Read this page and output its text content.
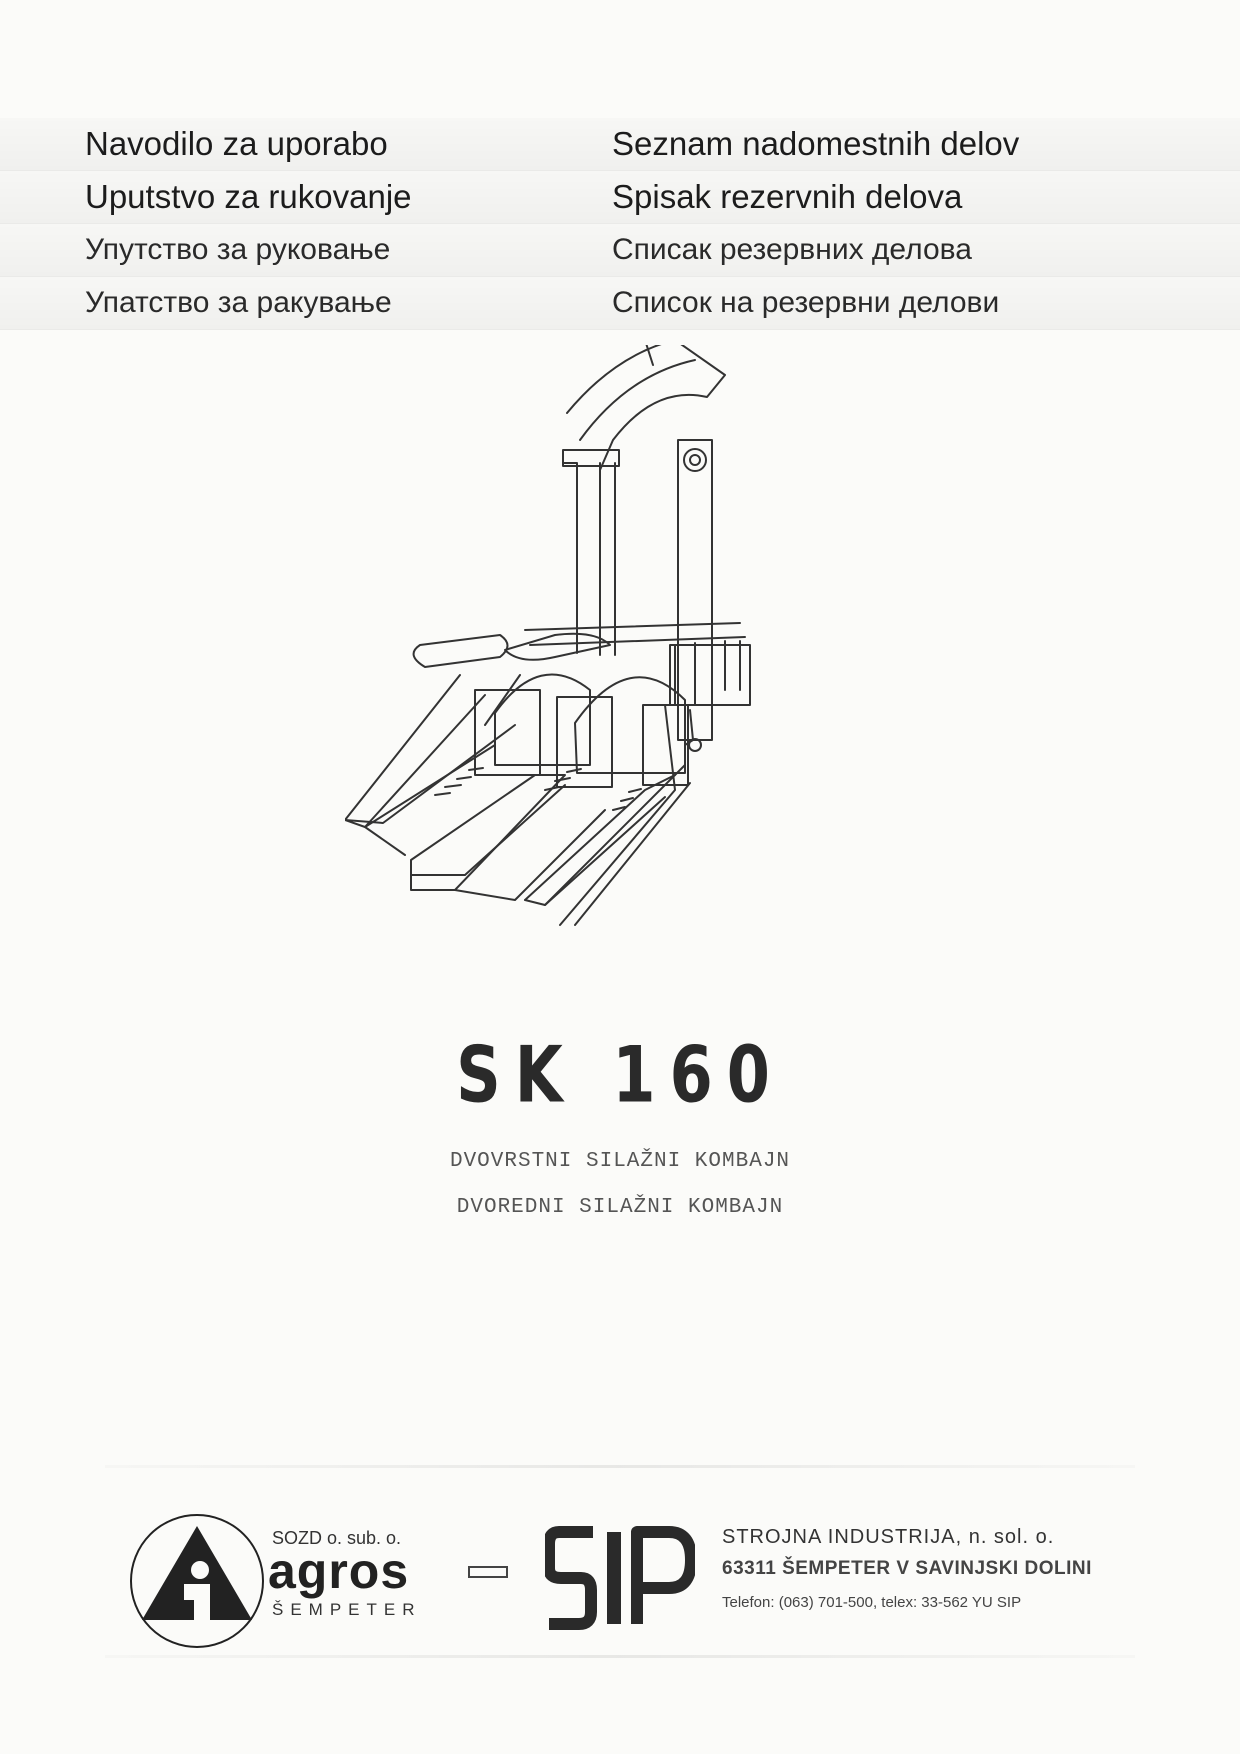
Navodilo za uporabo	Seznam nadomestnih delov
Uputstvo za rukovanje	Spisak rezervnih delova
Упутство за руковање	Списак резервних делова
Упатство за ракување	Список на резервни делови
SK 160
DVOVRSTNI SILAŽNI KOMBAJN
DVOREDNI SILAŽNI KOMBAJN
SOZD o. sub. o.
agros
ŠEMPETER
STROJNA INDUSTRIJA, n. sol. o.
63311 ŠEMPETER V SAVINJSKI DOLINI
Telefon: (063) 701-500, telex: 33-562 YU SIP
